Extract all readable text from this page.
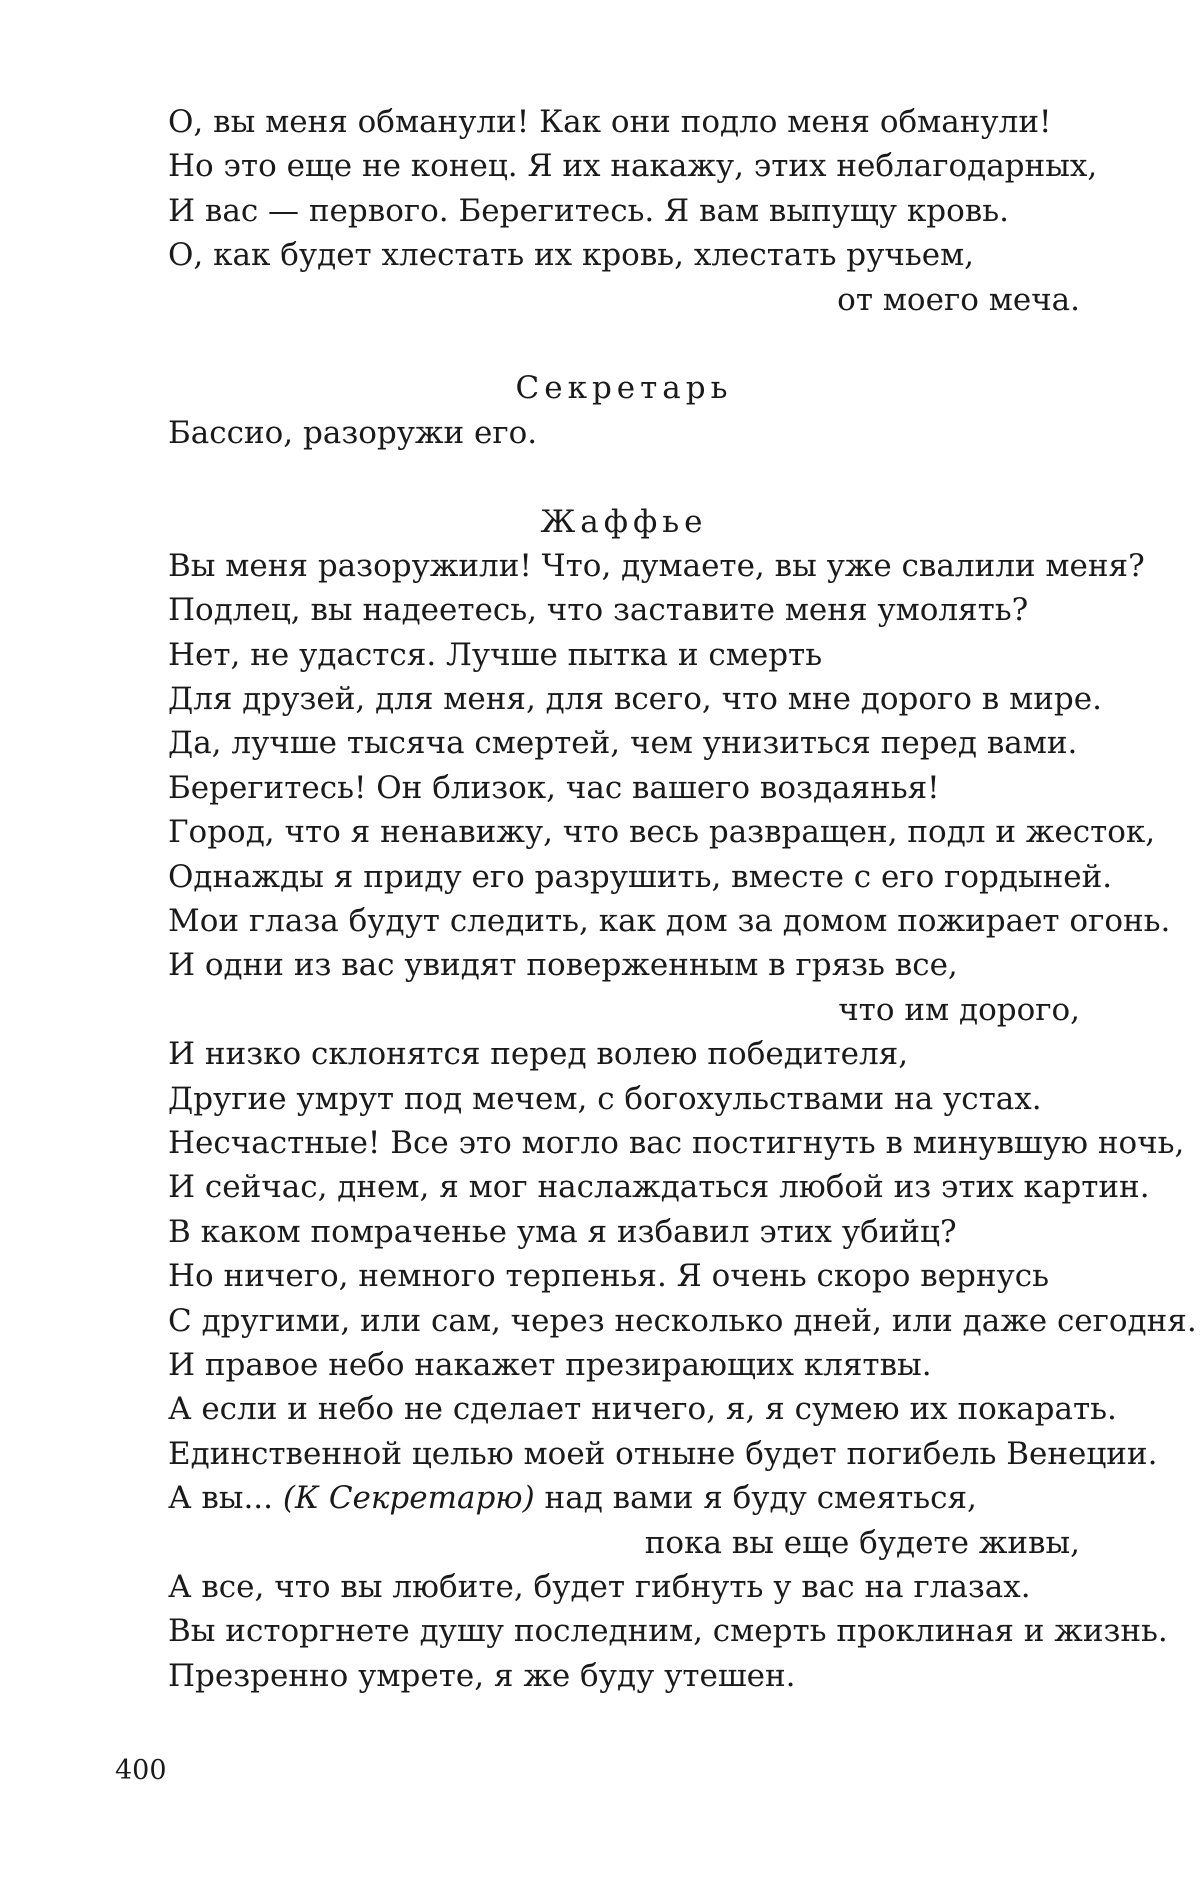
О, вы меня обманули! Как они подло меня обманули!
Но это еще не конец. Я их накажу, этих неблагодарных,
И вас — первого. Берегитесь. Я вам выпущу кровь.
О, как будет хлестать их кровь, хлестать ручьем,
от моего меча.
Секретарь
Бассио, разоружи его.
Жаффье
Вы меня разоружили! Что, думаете, вы уже свалили меня?
Подлец, вы надеетесь, что заставите меня умолять?
Нет, не удастся. Лучше пытка и смерть
Для друзей, для меня, для всего, что мне дорого в мире.
Да, лучше тысяча смертей, чем унизиться перед вами.
Берегитесь! Он близок, час вашего воздаянья!
Город, что я ненавижу, что весь развращен, подл и жесток,
Однажды я приду его разрушить, вместе с его гордыней.
Мои глаза будут следить, как дом за домом пожирает огонь.
И одни из вас увидят поверженным в грязь все,
что им дорого,
И низко склонятся перед волею победителя,
Другие умрут под мечем, с богохульствами на устах.
Несчастные! Все это могло вас постигнуть в минувшую ночь,
И сейчас, днем, я мог наслаждаться любой из этих картин.
В каком помраченье ума я избавил этих убийц?
Но ничего, немного терпенья. Я очень скоро вернусь
С другими, или сам, через несколько дней, или даже сегодня.
И правое небо накажет презирающих клятвы.
А если и небо не сделает ничего, я, я сумею их покарать.
Единственной целью моей отныне будет погибель Венеции.
А вы... (К Секретарю) над вами я буду смеяться,
пока вы еще будете живы,
А все, что вы любите, будет гибнуть у вас на глазах.
Вы исторгнете душу последним, смерть проклиная и жизнь.
Презренно умрете, я же буду утешен.
400
